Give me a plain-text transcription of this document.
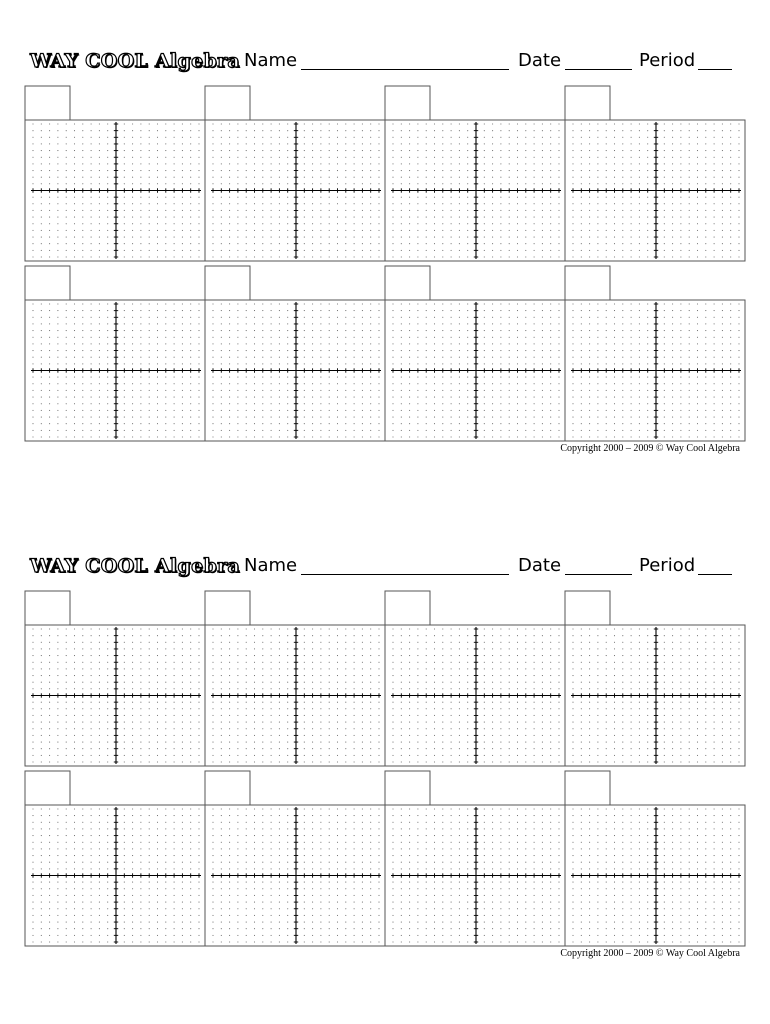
WAY COOL Algebra Name	Date	Period
Copyright 2000 – 2009 © Way Cool Algebra
WAY COOL Algebra Name	Date	Period
Copyright 2000 – 2009 © Way Cool Algebra
